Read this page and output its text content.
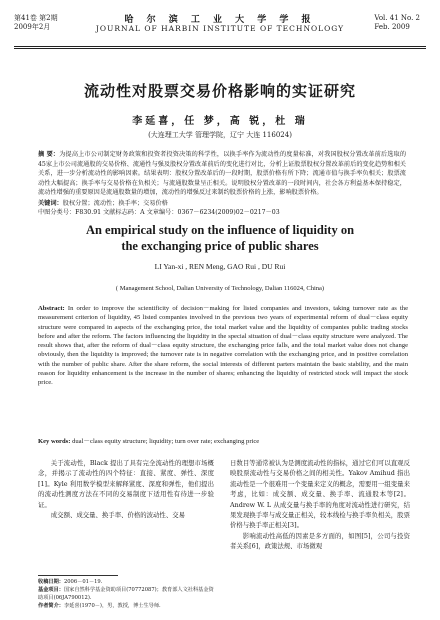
第41卷 第2期
2009年2月
哈 尔 滨 工 业 大 学 学 报
JOURNAL OF HARBIN INSTITUTE OF TECHNOLOGY
Vol. 41 No. 2
Feb. 2009
流动性对股票交易价格影响的实证研究
李延喜，任 梦，高 锐，杜 瑞
(大连理工大学 管理学院，辽宁 大连 116024)
摘 要：为提高上市公司制定财务政策和投资者投资决策的科学性，以换手率作为流动性的度量标准，对我国股权分置改革前后选取的45家上市公司流通股的交易价格、流通性与强及股权分置改革前后的变化进行对比，分析上证股票股权分置改革前后的变化趋势和相关关系，进一步分析流动性的影响因素。结果表明：股权分置改革后的一段时期，股票价格有所下降；流通市值与换手率负相关；股票流动性大幅提高；换手率与交易价格在负相关；与流通股数量呈正相关。说明股权分置改革的一段时间内，社会各方利益基本保持稳定，流动性增强的重要原因是流通股数量的增加，流动性的增强反过来制约股票价格的上涨，影响股票价格。
关键词：股权分置；流动性；换手率；交易价格
中图分类号：F830.91 文献标志码：A 文章编号：0367－6234(2009)02－0217－03
An empirical study on the influence of liquidity on
the exchanging price of public shares
LI Yan-xi , REN Meng, GAO Rui , DU Rui
( Management School, Dalian University of Technology, Dalian 116024, China)
Abstract: In order to improve the scientificity of decision－making for listed companies and investors, taking turnover rate as the measurement criterion of liquidity, 45 listed companies involved in the previous two years of experimental reform of dual－class equity structure were compared in aspects of the exchanging price, the total market value and the liquidity of companies public trading stocks before and after the reform. The factors influencing the liquidity in the special situation of dual－class equity structure were analyzed. The result shows that, after the reform of dual－class equity structure, the exchanging price falls, and the total market value does not change obviously, then the liquidity is improved; the turnover rate is in negative correlation with the exchanging price, and in positive correlation with the number of public share. After the share reform, the social interests of different parters maintain the basic stability, and the main reason for liquidity enhancement is the increase in the number of shares; enhancing the liquidity of restricted stock will impact the stock price.
Key words: dual－class equity structure; liquidity; turn over rate; exchanging price

关于流动性，Black 提出了具有完全流动性的理想市场概念，并揭示了流动性的四个特征：直接、紧度、弹性、深度[1]。Kyle 利用数学模型来解释紧度、深度和弹性，他们提出的流动性测度方法在不同的交易制度下适用性有待进一步验证。

成交额、成交量、换手率、价格的波动性、交易

日数目等通常被认为是测度流动性的指标，通过它们可以直观反映股票流动性与交易价格之间的相关性。Yakov Amihud 指出流动性是一个很难用一个变量来定义的概念，需要用一组变量来考虑，比如：成交额、成交量、换手率、流通股本等[2]。Andrew W. L 从成交量与换手率的角度对流动性进行研究，结果发现换手率与成交量正相关，较本线检与换手率负相关，股票价格与换手率正相关[3]。

影响流动性高低的因素是多方面的，如图[5]，公司与投资者关系[6]，政策法规、市场微观

收稿日期：2006－01－19.
基金项目：国家自然科学基金资助项目(70772087)；教育部人文社科基金资助项目(06JA790012).
作者简介：李延喜(1970－)，男，教授，博士生导师.
